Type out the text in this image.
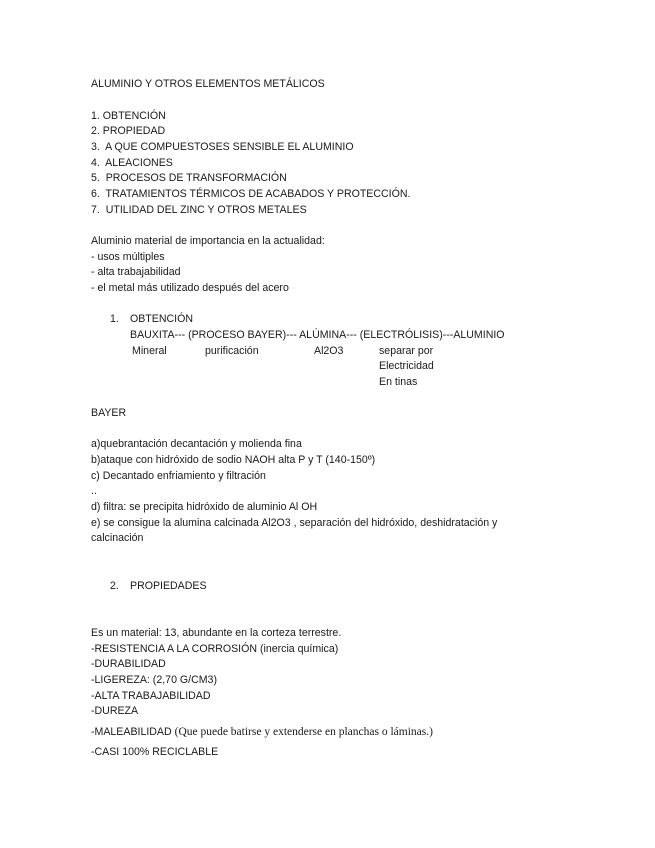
ALUMINIO Y OTROS ELEMENTOS METÁLICOS
1. OBTENCIÓN
2. PROPIEDAD
3.  A QUE COMPUESTOSES SENSIBLE EL ALUMINIO
4.  ALEACIONES
5.  PROCESOS DE TRANSFORMACIÓN
6.  TRATAMIENTOS TÉRMICOS DE ACABADOS Y PROTECCIÓN.
7.  UTILIDAD DEL ZINC Y OTROS METALES
Aluminio material de importancia en la actualidad:
- usos múltiples
- alta trabajabilidad
- el metal más utilizado después del acero
1. OBTENCIÓN
BAUXITA--- (PROCESO BAYER)--- ALÚMINA--- (ELECTRÓLISIS)---ALUMINIO
Mineral	purificación	Al2O3	separar por
Electricidad
En tinas
BAYER
a)quebrantación decantación y molienda fina
b)ataque con hidróxido de sodio NAOH alta P y T (140-150º)
c) Decantado enfriamiento y filtración
..
d) filtra: se precipita hidróxido de aluminio Al OH
e) se consigue la alumina calcinada Al2O3 , separación del hidróxido, deshidratación y
calcinación
2. PROPIEDADES
Es un material: 13, abundante en la corteza terrestre.
-RESISTENCIA A LA CORROSIÓN (inercia química)
-DURABILIDAD
-LIGEREZA: (2,70 G/CM3)
-ALTA TRABAJABILIDAD
-DUREZA
-MALEABILIDAD (Que puede batirse y extenderse en planchas o láminas.)
-CASI 100% RECICLABLE
